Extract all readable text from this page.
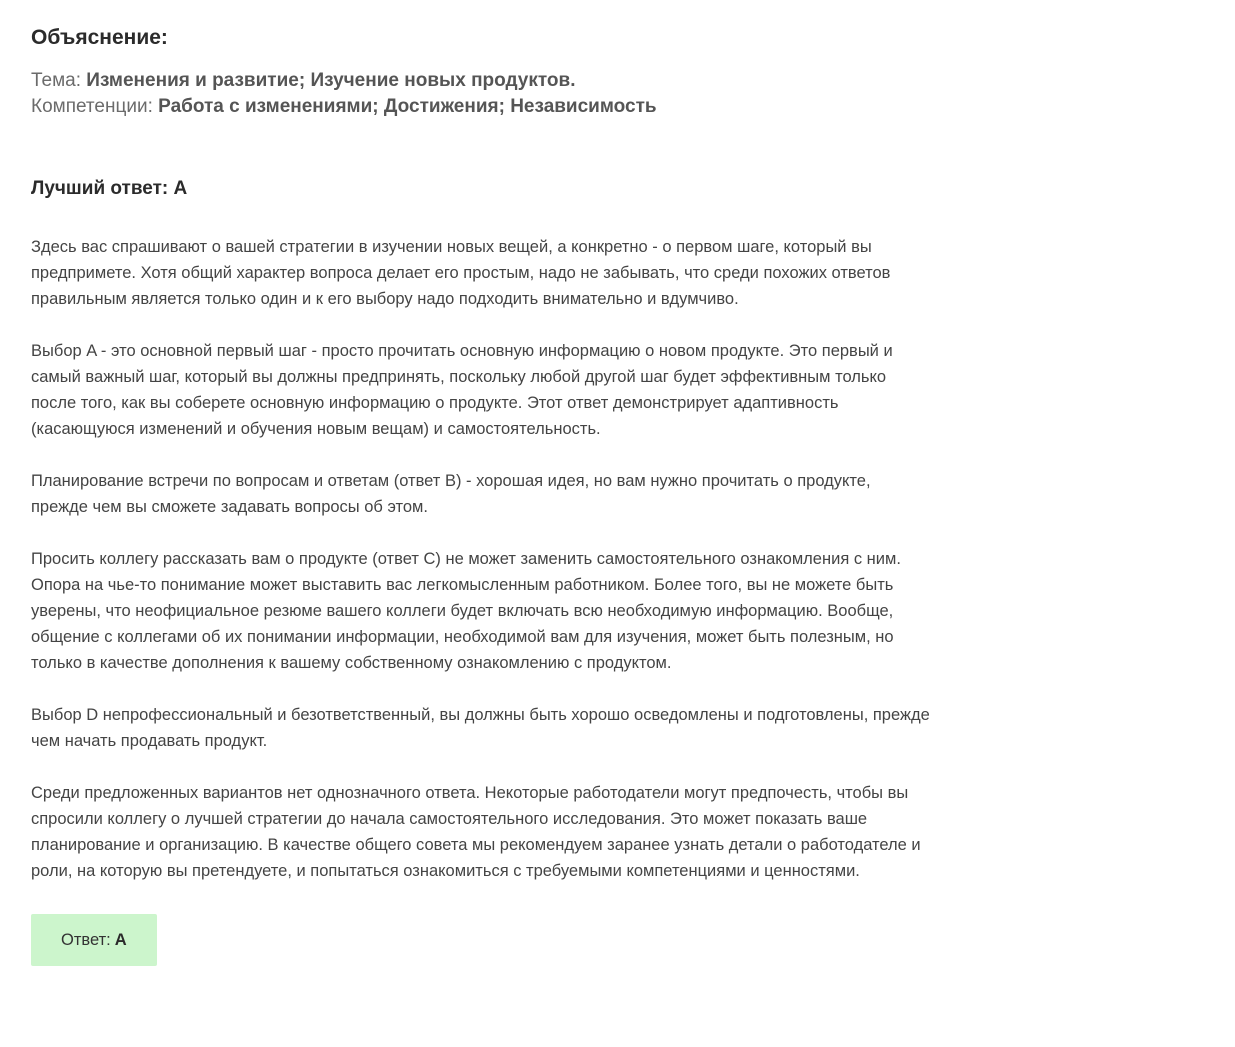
Объяснение:
Тема: Изменения и развитие; Изучение новых продуктов.
Компетенции: Работа с изменениями; Достижения; Независимость
Лучший ответ: A

Здесь вас спрашивают о вашей стратегии в изучении новых вещей, а конкретно - о первом шаге, который вы предпримете. Хотя общий характер вопроса делает его простым, надо не забывать, что среди похожих ответов правильным является только один и к его выбору надо подходить внимательно и вдумчиво.

Выбор A - это основной первый шаг - просто прочитать основную информацию о новом продукте. Это первый и самый важный шаг, который вы должны предпринять, поскольку любой другой шаг будет эффективным только после того, как вы соберете основную информацию о продукте. Этот ответ демонстрирует адаптивность (касающуюся изменений и обучения новым вещам) и самостоятельность.

Планирование встречи по вопросам и ответам (ответ B) - хорошая идея, но вам нужно прочитать о продукте, прежде чем вы сможете задавать вопросы об этом.

Просить коллегу рассказать вам о продукте (ответ C) не может заменить самостоятельного ознакомления с ним. Опора на чье-то понимание может выставить вас легкомысленным работником. Более того, вы не можете быть уверены, что неофициальное резюме вашего коллеги будет включать всю необходимую информацию. Вообще, общение с коллегами об их понимании информации, необходимой вам для изучения, может быть полезным, но только в качестве дополнения к вашему собственному ознакомлению с продуктом.

Выбор D непрофессиональный и безответственный, вы должны быть хорошо осведомлены и подготовлены, прежде чем начать продавать продукт.

Среди предложенных вариантов нет однозначного ответа. Некоторые работодатели могут предпочесть, чтобы вы спросили коллегу о лучшей стратегии до начала самостоятельного исследования. Это может показать ваше планирование и организацию. В качестве общего совета мы рекомендуем заранее узнать детали о работодателе и роли, на которую вы претендуете, и попытаться ознакомиться с требуемыми компетенциями и ценностями.

Ответ: A
